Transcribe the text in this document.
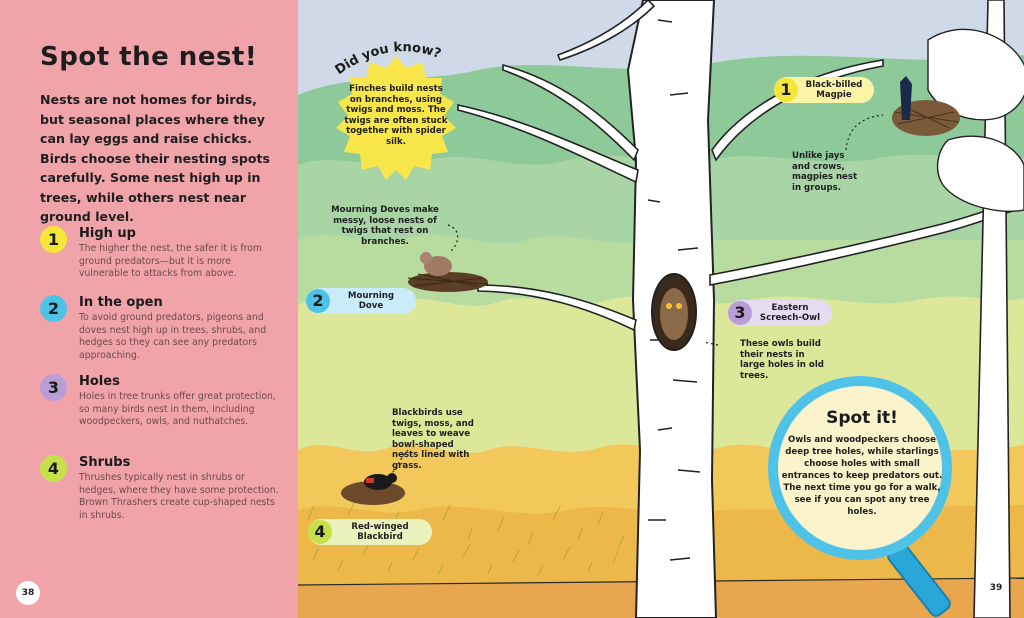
Spot the nest!
Nests are not homes for birds, but seasonal places where they can lay eggs and raise chicks. Birds choose their nesting spots carefully. Some nest high up in trees, while others nest near ground level.
1	High up
The higher the nest, the safer it is from ground predators—but it is more vulnerable to attacks from above.
2	In the open
To avoid ground predators, pigeons and doves nest high up in trees, shrubs, and hedges so they can see any predators approaching.
3	Holes
Holes in tree trunks offer great protection, so many birds nest in them, including woodpeckers, owls, and nuthatches.
4	Shrubs
Thrushes typically nest in shrubs or hedges, where they have some protection. Brown Thrashers create cup-shaped nests in shrubs.
38
Did you know?
Finches build nests on branches, using twigs and moss. The twigs are often stuck together with spider silk.
Mourning Doves make messy, loose nests of twigs that rest on branches.
Blackbirds use twigs, moss, and leaves to weave bowl-shaped nests lined with grass.
Unlike jays and crows, magpies nest in groups.
These owls build their nests in large holes in old trees.
1	Black-billed Magpie
2	Mourning Dove	3	Eastern Screech-Owl
4	Red-winged Blackbird
Spot it!
Owls and woodpeckers choose deep tree holes, while starlings choose holes with small entrances to keep predators out. The next time you go for a walk, see if you can spot any tree holes.
39
